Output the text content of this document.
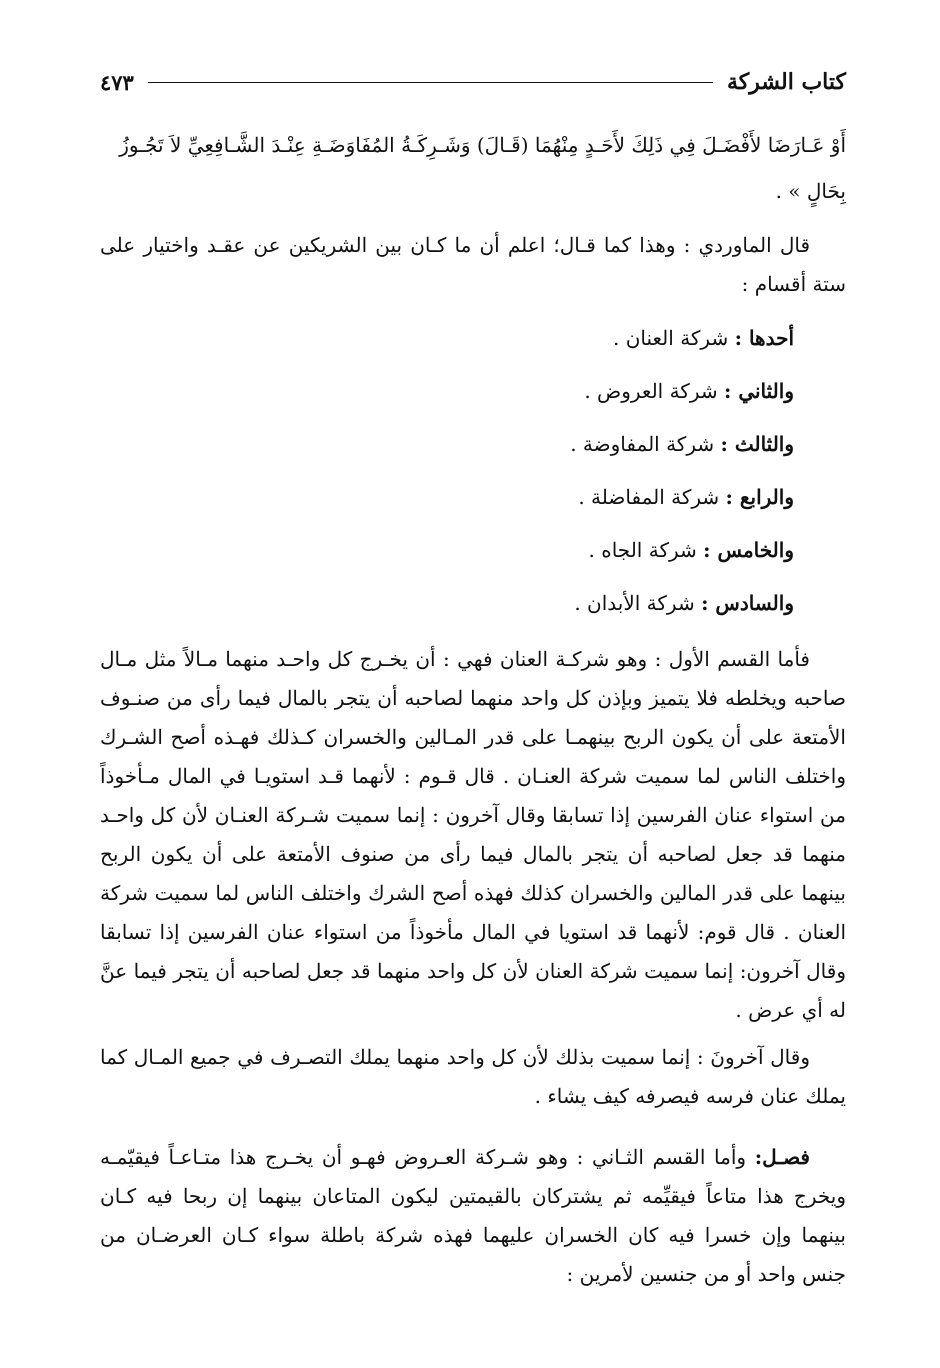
كتاب الشركة
٤٧٣

أَوْ عَـارَضَا لأَفْضَـلَ فِي ذَلِكَ لأَحَـدٍ مِنْهُمَا (قَـالَ) وَشَـرِكَـةُ المُفَاوَضَـةِ عِنْـدَ الشَّـافِعِيِّ لاَ تَجُـوزُ
بِحَالٍ » .

قال الماوردي : وهذا كما قـال؛ اعلم أن ما كـان بين الشريكين عن عقـد واختيار على ستة أقسام :

أحدها : شركة العنان .
والثاني : شركة العروض .
والثالث : شركة المفاوضة .
والرابع : شركة المفاضلة .
والخامس : شركة الجاه .
والسادس : شركة الأبدان .

فأما القسم الأول : وهو شركـة العنان فهي : أن يخـرج كل واحـد منهما مـالاً مثل مـال صاحبه ويخلطه فلا يتميز وبإذن كل واحد منهما لصاحبه أن يتجر بالمال فيما رأى من صنـوف الأمتعة على أن يكون الربح بينهمـا على قدر المـالين والخسران كـذلك فهـذه أصح الشـرك واختلف الناس لما سميت شركة العنـان . قال قـوم : لأنهما قـد استويـا في المال مـأخوذاً من استواء عنان الفرسين إذا تسابقا وقال آخرون : إنما سميت شـركة العنـان لأن كل واحـد منهما قد جعل لصاحبه أن يتجر بالمال فيما رأى من صنوف الأمتعة على أن يكون الربح بينهما على قدر المالين والخسران كذلك فهذه أصح الشرك واختلف الناس لما سميت شركة العنان . قال قوم: لأنهما قد استويا في المال مأخوذاً من استواء عنان الفرسين إذا تسابقا وقال آخرون: إنما سميت شركة العنان لأن كل واحد منهما قد جعل لصاحبه أن يتجر فيما عنَّ له أي عرض .

وقال آخرونَ : إنما سميت بذلك لأن كل واحد منهما يملك التصـرف في جميع المـال كما يملك عنان فرسه فيصرفه كيف يشاء .

فصـل: وأما القسم الثـاني : وهو شـركة العـروض فهـو أن يخـرج هذا متـاعـاً فيقيّمـه ويخرج هذا متاعاً فيقيِّمه ثم يشتركان بالقيمتين ليكون المتاعان بينهما إن ربحا فيه كـان بينهما وإن خسرا فيه كان الخسران عليهما فهذه شركة باطلة سواء كـان العرضـان من جنس واحد أو من جنسين لأمرين :
